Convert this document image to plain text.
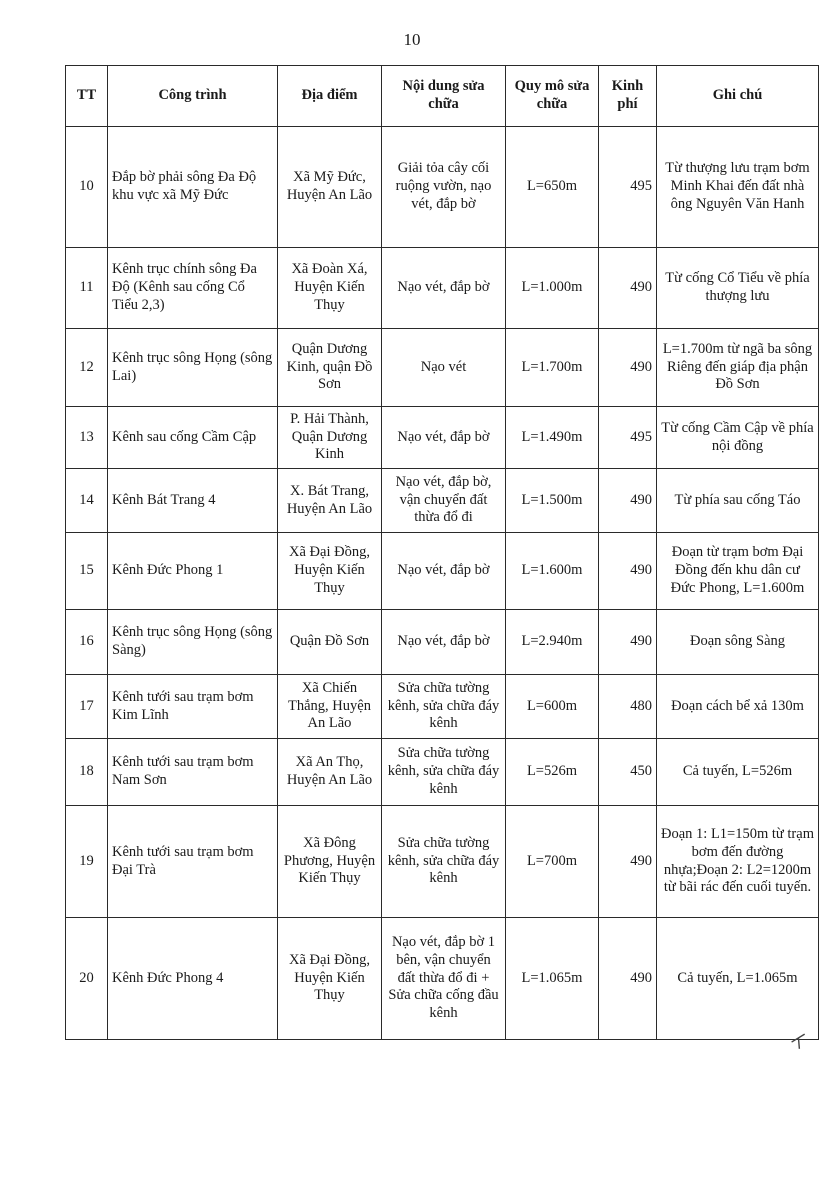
10
TT	Công trình	Địa điểm	Nội dung sửa chữa	Quy mô sửa chữa	Kinh phí	Ghi chú
10	Đắp bờ phải sông Đa Độ khu vực xã Mỹ Đức	Xã Mỹ Đức, Huyện An Lão	Giải tỏa cây cối ruộng vườn, nạo vét, đắp bờ	L=650m	495	Từ thượng lưu trạm bơm Minh Khai đến đất nhà ông Nguyên Văn Hanh
11	Kênh trục chính sông Đa Độ (Kênh sau cống Cổ Tiểu 2,3)	Xã Đoàn Xá, Huyện Kiến Thụy	Nạo vét, đắp bờ	L=1.000m	490	Từ cống Cổ Tiểu về phía thượng lưu
12	Kênh trục sông Họng (sông Lai)	Quận Dương Kinh, quận Đồ Sơn	Nạo vét	L=1.700m	490	L=1.700m từ ngã ba sông Riêng đến giáp địa phận Đồ Sơn
13	Kênh sau cống Cầm Cập	P. Hải Thành, Quận Dương Kinh	Nạo vét, đắp bờ	L=1.490m	495	Từ cống Cầm Cập về phía nội đồng
14	Kênh Bát Trang 4	X. Bát Trang, Huyện An Lão	Nạo vét, đắp bờ, vận chuyển đất thừa đổ đi	L=1.500m	490	Từ phía sau cống Táo
15	Kênh Đức Phong 1	Xã Đại Đồng, Huyện Kiến Thụy	Nạo vét, đắp bờ	L=1.600m	490	Đoạn từ trạm bơm Đại Đồng đến khu dân cư Đức Phong, L=1.600m
16	Kênh trục sông Họng (sông Sàng)	Quận Đồ Sơn	Nạo vét, đắp bờ	L=2.940m	490	Đoạn sông Sàng
17	Kênh tưới sau trạm bơm Kim Lĩnh	Xã Chiến Thắng, Huyện An Lão	Sửa chữa tường kênh, sửa chữa đáy kênh	L=600m	480	Đoạn cách bể xả 130m
18	Kênh tưới sau trạm bơm Nam Sơn	Xã An Thọ, Huyện An Lão	Sửa chữa tường kênh, sửa chữa đáy kênh	L=526m	450	Cả tuyến, L=526m
19	Kênh tưới sau trạm bơm Đại Trà	Xã Đông Phương, Huyện Kiến Thụy	Sửa chữa tường kênh, sửa chữa đáy kênh	L=700m	490	Đoạn 1: L1=150m từ trạm bơm đến đường nhựa;Đoạn 2: L2=1200m từ bãi rác đến cuối tuyến.
20	Kênh Đức Phong 4	Xã Đại Đồng, Huyện Kiến Thụy	Nạo vét, đắp bờ 1 bên, vận chuyển đất thừa đổ đi + Sửa chữa cống đầu kênh	L=1.065m	490	Cả tuyến, L=1.065m
